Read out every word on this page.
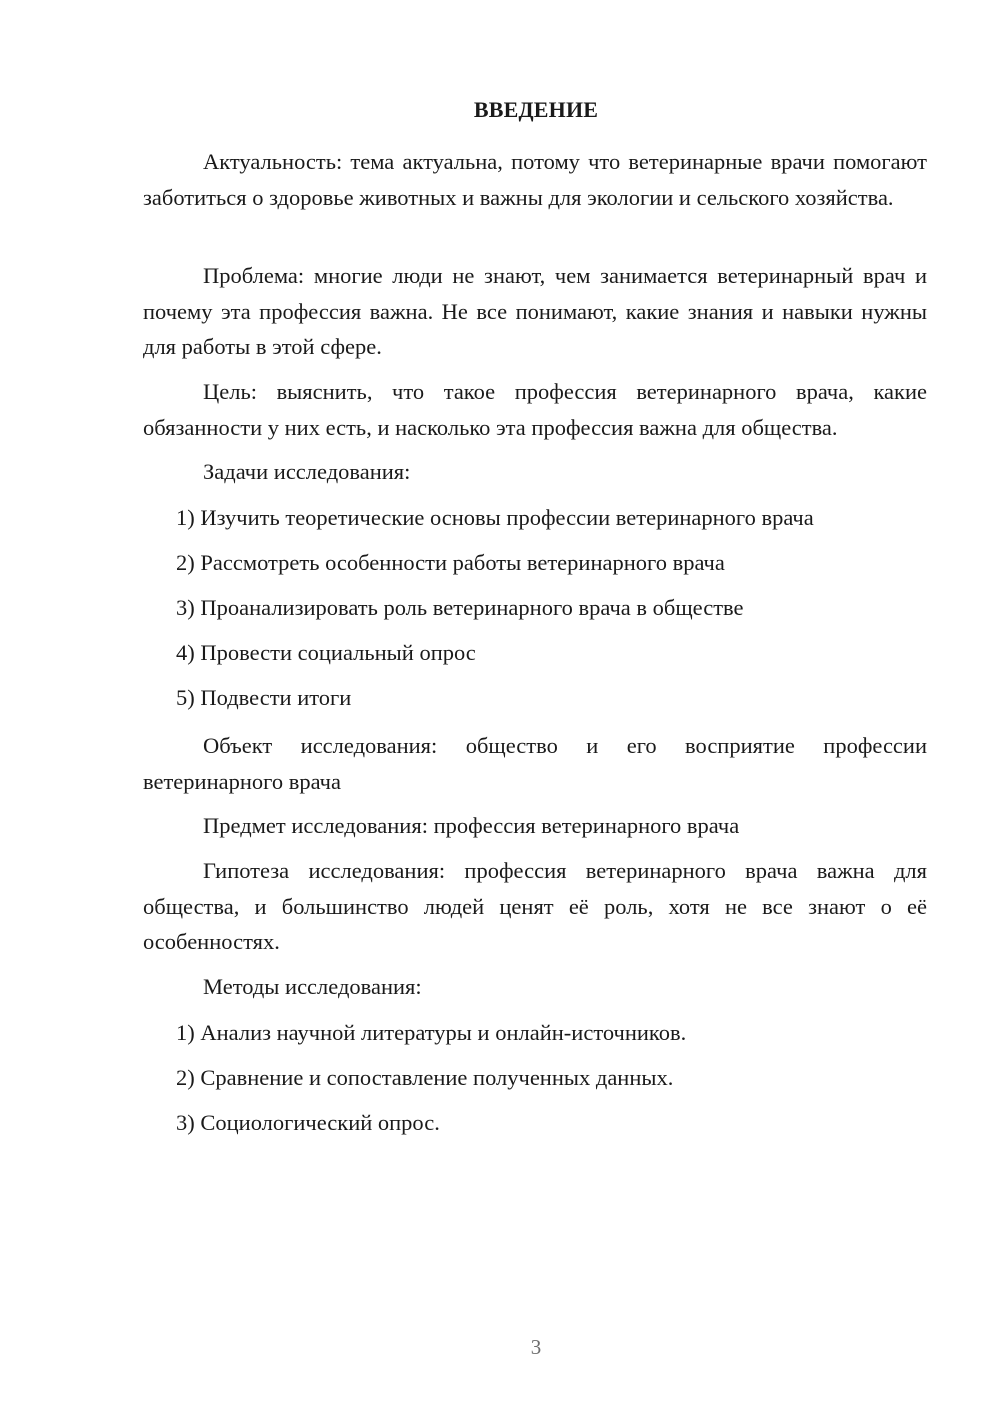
ВВЕДЕНИЕ

Актуальность: тема актуальна, потому что ветеринарные врачи помогают заботиться о здоровье животных и важны для экологии и сельского хозяйства.

Проблема: многие люди не знают, чем занимается ветеринарный врач и почему эта профессия важна. Не все понимают, какие знания и навыки нужны для работы в этой сфере.

Цель: выяснить, что такое профессия ветеринарного врача, какие обязанности у них есть, и насколько эта профессия важна для общества.

Задачи исследования:

1) Изучить теоретические основы профессии ветеринарного врача

2) Рассмотреть особенности работы ветеринарного врача

3) Проанализировать роль ветеринарного врача в обществе

4) Провести социальный опрос

5) Подвести итоги

Объект исследования: общество и его восприятие профессии ветеринарного врача

Предмет исследования: профессия ветеринарного врача

Гипотеза исследования: профессия ветеринарного врача важна для общества, и большинство людей ценят её роль, хотя не все знают о её особенностях.

Методы исследования:

1) Анализ научной литературы и онлайн-источников.

2) Сравнение и сопоставление полученных данных.

3) Социологический опрос.

3
